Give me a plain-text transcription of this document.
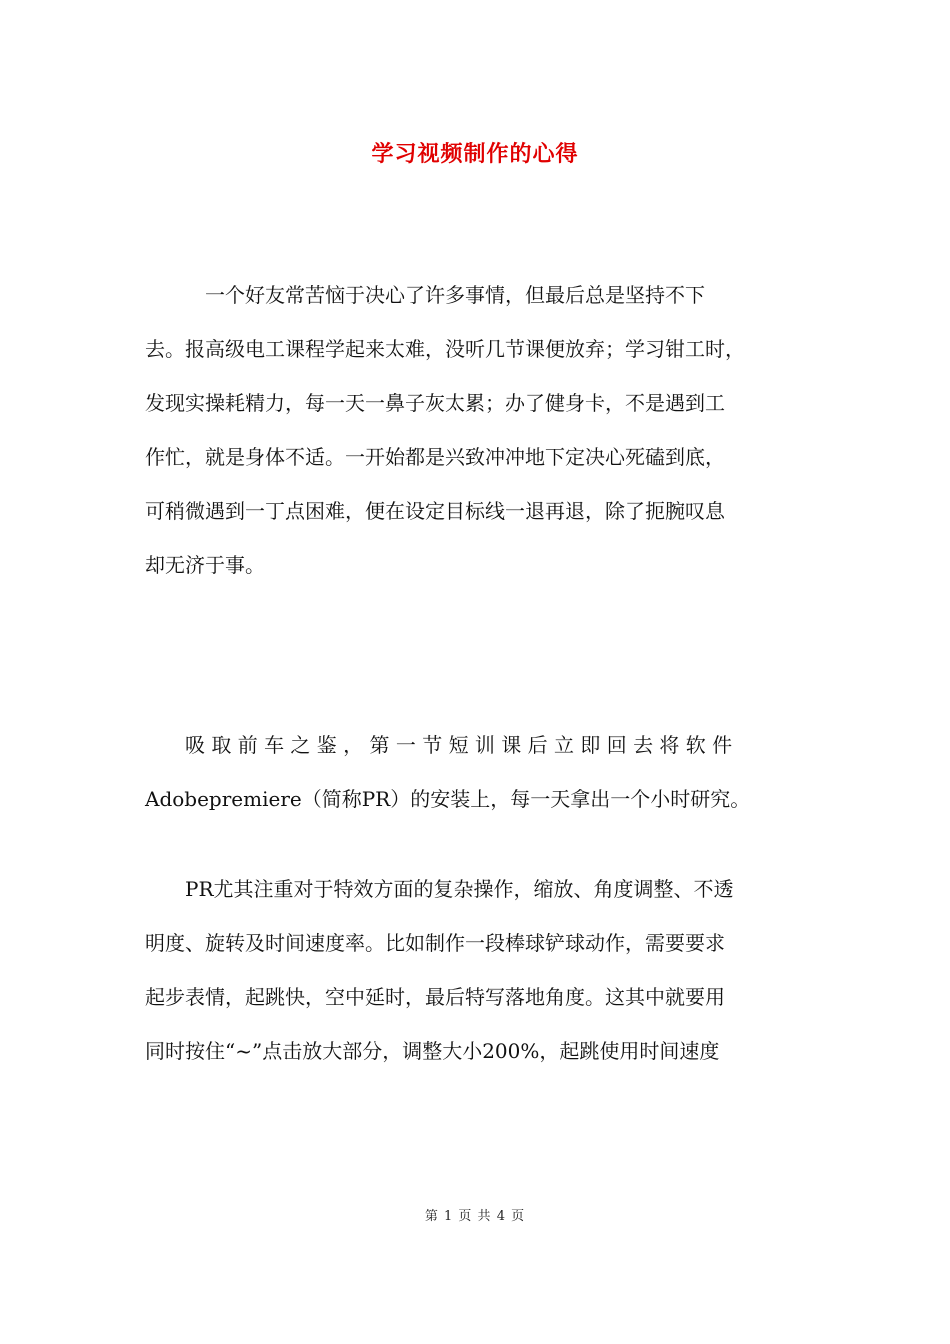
学习视频制作的心得
　　　一个好友常苦恼于决心了许多事情，但最后总是坚持不下
去。报高级电工课程学起来太难，没听几节课便放弃；学习钳工时，
发现实操耗精力，每一天一鼻子灰太累；办了健身卡，不是遇到工
作忙，就是身体不适。一开始都是兴致冲冲地下定决心死磕到底，
可稍微遇到一丁点困难，便在设定目标线一退再退，除了扼腕叹息
却无济于事。
　　吸 取 前 车 之 鉴 ， 第 一 节 短 训 课 后 立 即 回 去 将 软 件
Adobepremiere（简称PR）的安装上，每一天拿出一个小时研究。
　　PR尤其注重对于特效方面的复杂操作，缩放、角度调整、不透
明度、旋转及时间速度率。比如制作一段棒球铲球动作，需要要求
起步表情，起跳快，空中延时，最后特写落地角度。这其中就要用
同时按住“~”点击放大部分，调整大小200%，起跳使用时间速度
第 1 页 共 4 页
